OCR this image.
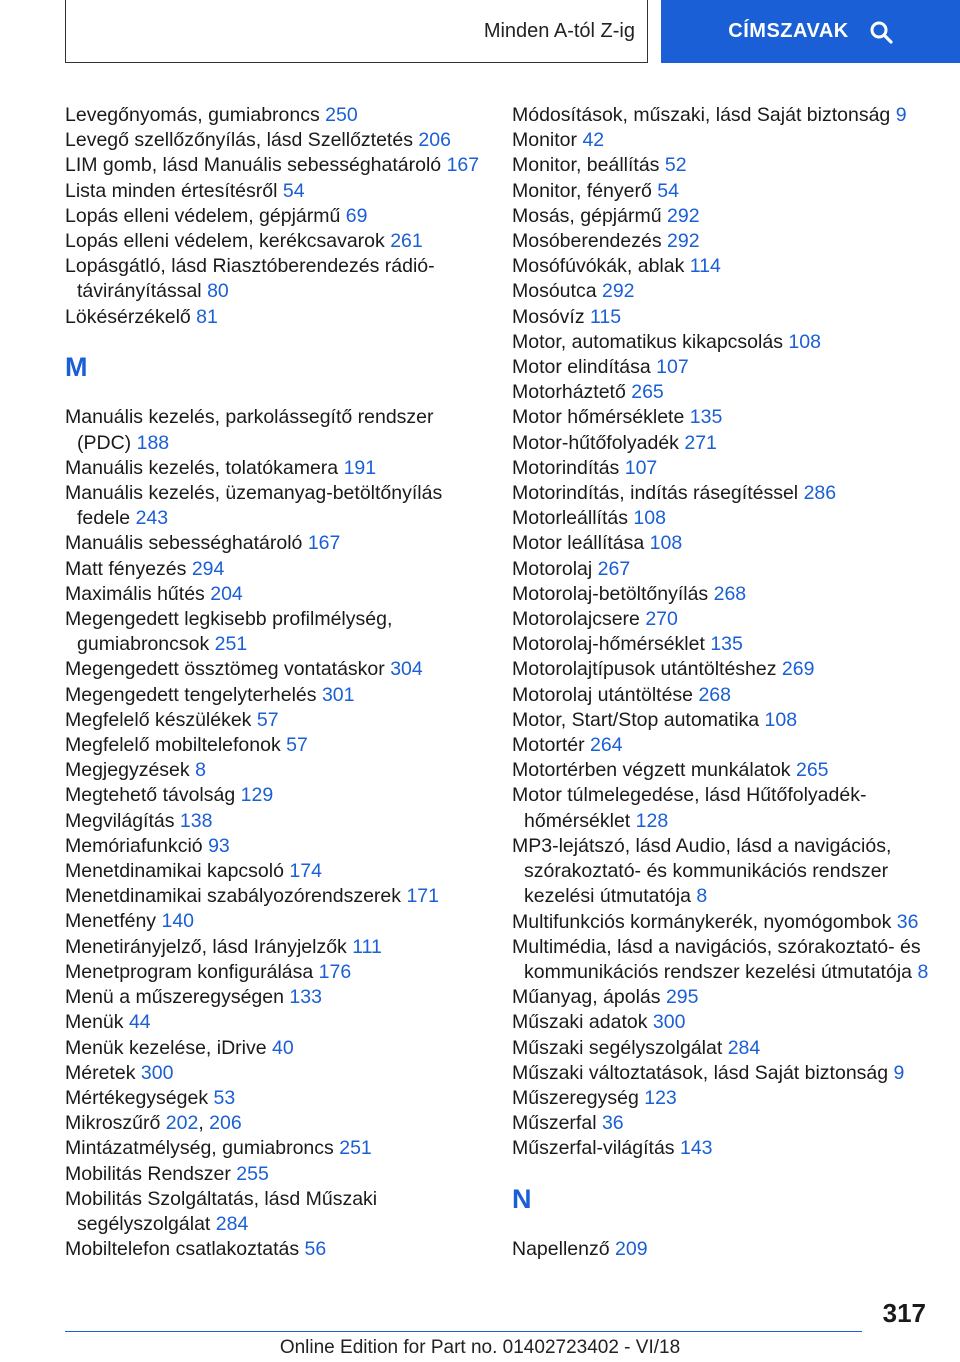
Minden A-tól Z-ig	CÍMSZAVAK
Levegőnyomás, gumiabroncs 250
Levegő szellőzőnyílás, lásd Szellőztetés 206
LIM gomb, lásd Manuális sebességhatároló 167
Lista minden értesítésről 54
Lopás elleni védelem, gépjármű 69
Lopás elleni védelem, kerékcsavarok 261
Lopásgátló, lásd Riasztóberendezés rádió-távirányítással 80
Lökésérzékelő 81
M
Manuális kezelés, parkolássegítő rendszer (PDC) 188
Manuális kezelés, tolatókamera 191
Manuális kezelés, üzemanyag-betöltőnyílás fedele 243
Manuális sebességhatároló 167
Matt fényezés 294
Maximális hűtés 204
Megengedett legkisebb profilmélység, gumiabroncsok 251
Megengedett össztömeg vontatáskor 304
Megengedett tengelyterhelés 301
Megfelelő készülékek 57
Megfelelő mobiltelefonok 57
Megjegyzések 8
Megtehető távolság 129
Megvilágítás 138
Memóriafunkció 93
Menetdinamikai kapcsoló 174
Menetdinamikai szabályozórendszerek 171
Menetfény 140
Menetirányjelző, lásd Irányjelzők 111
Menetprogram konfigurálása 176
Menü a műszeregységen 133
Menük 44
Menük kezelése, iDrive 40
Méretek 300
Mértékegységek 53
Mikroszűrő 202, 206
Mintázatmélység, gumiabroncs 251
Mobilitás Rendszer 255
Mobilitás Szolgáltatás, lásd Műszaki segélyszolgálat 284
Mobiltelefon csatlakoztatás 56
Módosítások, műszaki, lásd Saját biztonság 9
Monitor 42
Monitor, beállítás 52
Monitor, fényerő 54
Mosás, gépjármű 292
Mosóberendezés 292
Mosófúvókák, ablak 114
Mosóutca 292
Mosóvíz 115
Motor, automatikus kikapcsolás 108
Motor elindítása 107
Motorháztető 265
Motor hőmérséklete 135
Motor-hűtőfolyadék 271
Motorindítás 107
Motorindítás, indítás rásegítéssel 286
Motorleállítás 108
Motor leállítása 108
Motorolaj 267
Motorolaj-betöltőnyílás 268
Motorolajcsere 270
Motorolaj-hőmérséklet 135
Motorolajtípusok utántöltéshez 269
Motorolaj utántöltése 268
Motor, Start/Stop automatika 108
Motortér 264
Motortérben végzett munkálatok 265
Motor túlmelegedése, lásd Hűtőfolyadék-hőmérséklet 128
MP3-lejátszó, lásd Audio, lásd a navigációs, szórakoztató- és kommunikációs rendszer kezelési útmutatója 8
Multifunkciós kormánykerék, nyomógombok 36
Multimédia, lásd a navigációs, szórakoztató- és kommunikációs rendszer kezelési útmutatója 8
Műanyag, ápolás 295
Műszaki adatok 300
Műszaki segélyszolgálat 284
Műszaki változtatások, lásd Saját biztonság 9
Műszeregység 123
Műszerfal 36
Műszerfal-világítás 143
N
Napellenző 209
317
Online Edition for Part no. 01402723402 - VI/18
